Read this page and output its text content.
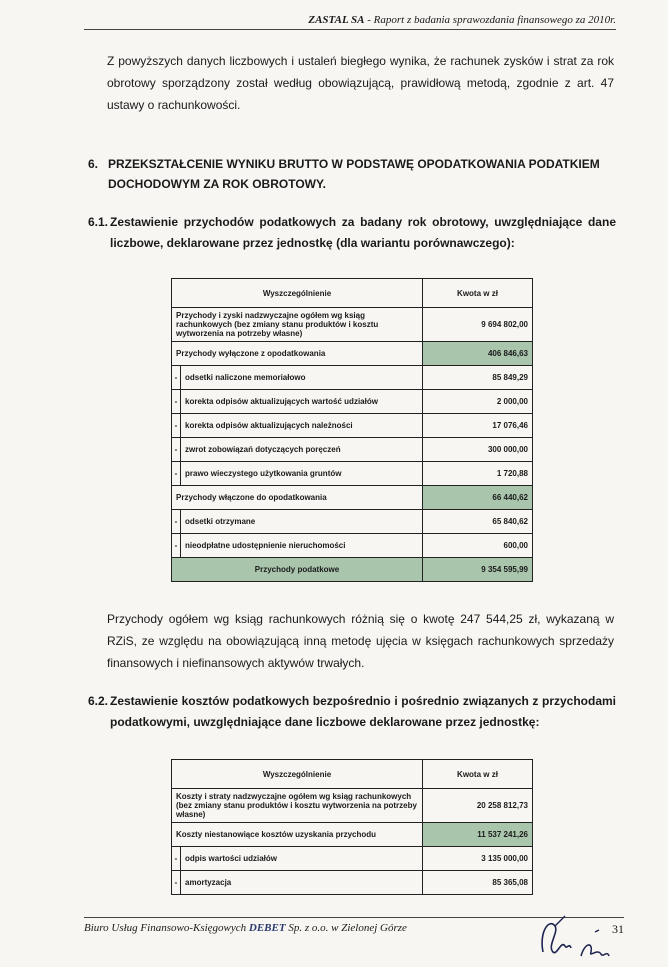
ZASTAL SA - Raport z badania sprawozdania finansowego za 2010r.
Z powyższych danych liczbowych i ustaleń biegłego wynika, że rachunek zysków i strat za rok obrotowy sporządzony został według obowiązującą, prawidłową metodą, zgodnie z art. 47 ustawy o rachunkowości.
6. PRZEKSZTAŁCENIE WYNIKU BRUTTO W PODSTAWĘ OPODATKOWANIA PODATKIEM DOCHODOWYM ZA ROK OBROTOWY.
6.1. Zestawienie przychodów podatkowych za badany rok obrotowy, uwzględniające dane liczbowe, deklarowane przez jednostkę (dla wariantu porównawczego):
Wyszczególnienie		Kwota w zł
Przychody i zyski nadzwyczajne ogółem wg ksiąg rachunkowych (bez zmiany stanu produktów i kosztu wytworzenia na potrzeby własne)		9 694 802,00
Przychody wyłączone z opodatkowania		406 846,63
-	odsetki naliczone memoriałowo	85 849,29
-	korekta odpisów aktualizujących wartość udziałów	2 000,00
-	korekta odpisów aktualizujących należności	17 076,46
-	zwrot zobowiązań dotyczących poręczeń	300 000,00
-	prawo wieczystego użytkowania gruntów	1 720,88
Przychody włączone do opodatkowania		66 440,62
-	odsetki otrzymane	65 840,62
-	nieodpłatne udostępnienie nieruchomości	600,00
Przychody podatkowe		9 354 595,99
Przychody ogółem wg ksiąg rachunkowych różnią się o kwotę 247 544,25 zł, wykazaną w RZiS, ze względu na obowiązującą inną metodę ujęcia w księgach rachunkowych sprzedaży finansowych i niefinansowych aktywów trwałych.
6.2. Zestawienie kosztów podatkowych bezpośrednio i pośrednio związanych z przychodami podatkowymi, uwzględniające dane liczbowe deklarowane przez jednostkę:
Wyszczególnienie		Kwota w zł
Koszty i straty nadzwyczajne ogółem wg ksiąg rachunkowych (bez zmiany stanu produktów i kosztu wytworzenia na potrzeby własne)		20 258 812,73
Koszty niestanowiące kosztów uzyskania przychodu		11 537 241,26
-	odpis wartości udziałów	3 135 000,00
-	amortyzacja	85 365,08
Biuro Usług Finansowo-Księgowych DEBET Sp. z o.o. w Zielonej Górze	31
